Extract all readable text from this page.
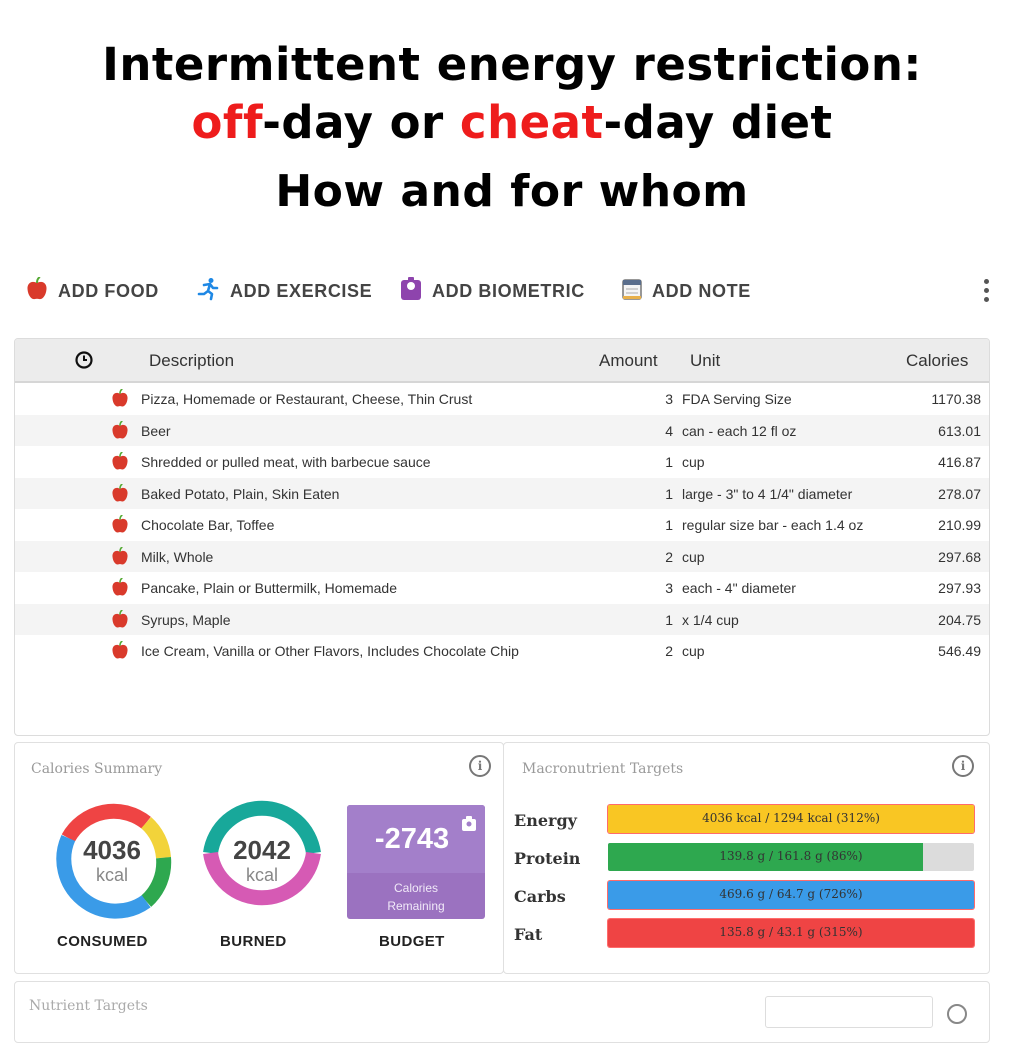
Intermittent energy restriction:
off-day or cheat-day diet
How and for whom
ADD FOOD	ADD EXERCISE	ADD BIOMETRIC	ADD NOTE
Description	Amount Unit	Calories
Pizza, Homemade or Restaurant, Cheese, Thin Crust	3 FDA Serving Size	1170.38
Beer	4 can - each 12 fl oz	613.01
Shredded or pulled meat, with barbecue sauce	1 cup	416.87
Baked Potato, Plain, Skin Eaten	1 large - 3" to 4 1/4" diameter	278.07
Chocolate Bar, Toffee	1 regular size bar - each 1.4 oz	210.99
Milk, Whole	2 cup	297.68
Pancake, Plain or Buttermilk, Homemade	3 each - 4" diameter	297.93
Syrups, Maple	1 x 1/4 cup	204.75
Ice Cream, Vanilla or Other Flavors, Includes Chocolate Chip	2 cup	546.49
Calories Summary	i
4036
kcal
CONSUMED
2042
kcal
BURNED
-2743
Calories
Remaining
BUDGET
Macronutrient Targets	i
Energy	4036 kcal / 1294 kcal (312%)
Protein	139.8 g / 161.8 g (86%)
Carbs	469.6 g / 64.7 g (726%)
Fat	135.8 g / 43.1 g (315%)
Nutrient Targets
